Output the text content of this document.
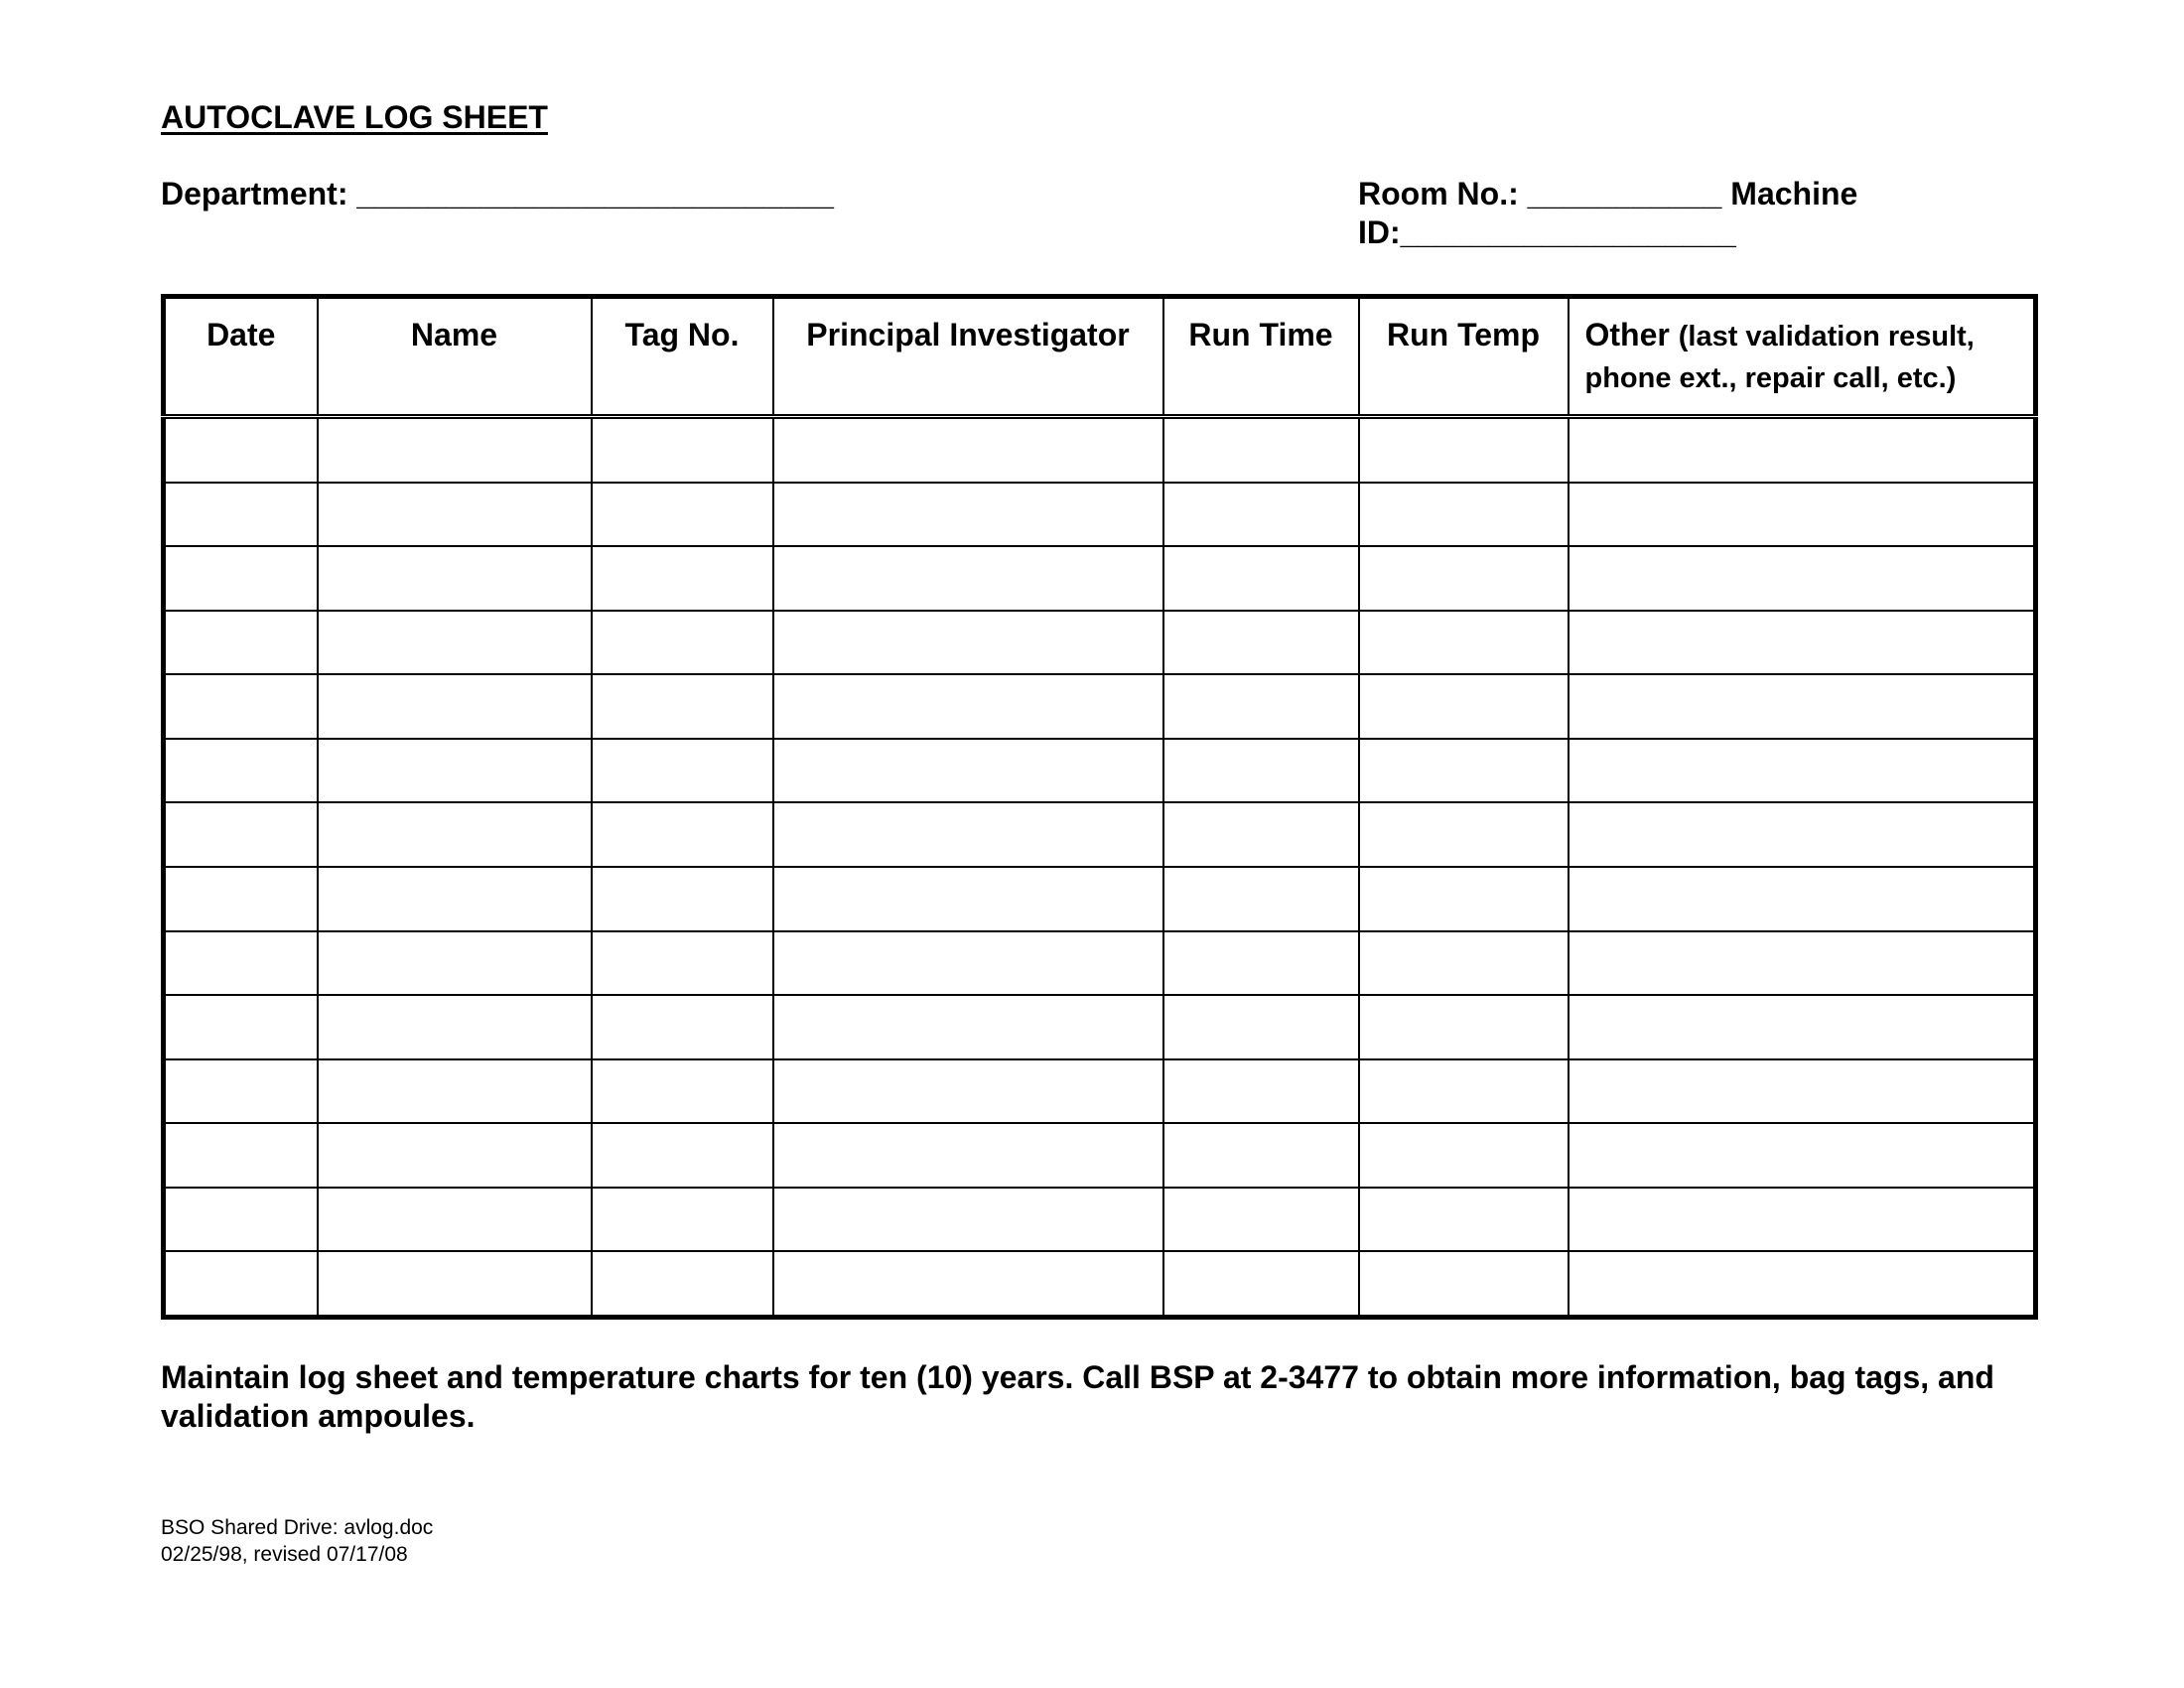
AUTOCLAVE LOG SHEET
Department: ___________________________	Room No.: ___________ Machine
ID:___________________
Date	Name	Tag No.	Principal Investigator	Run Time	Run Temp	Other (last validation result,
phone ext., repair call, etc.)

Maintain log sheet and temperature charts for ten (10) years. Call BSP at 2-3477 to obtain more information, bag tags, and validation ampoules.
BSO Shared Drive: avlog.doc
02/25/98, revised 07/17/08
